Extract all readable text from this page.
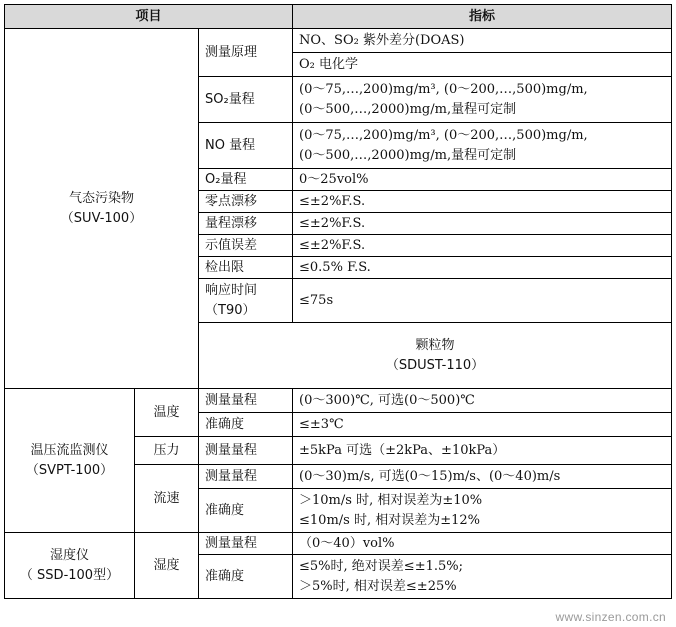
项目			指标	

气态污染物
（SUV-100）		测量原理	NO、SO₂ 紫外差分(DOAS)	
			O₂ 电化学	
		SO₂量程	(0～75,…,200)mg/m³, (0～200,…,500)mg/m,
(0～500,…,2000)mg/m,量程可定制	

		NO 量程	(0～75,…,200)mg/m³, (0～200,…,500)mg/m,
(0～500,…,2000)mg/m,量程可定制	

		O₂量程	0～25vol%	
		零点漂移	≤±2%F.S.	
		量程漂移	≤±2%F.S.	
		示值误差	≤±2%F.S.	
		检出限	≤0.5% F.S.	

		响应时间
（T90）	≤75s	

		颗粒物
（SDUST-110）

温压流监测仪
（SVPT-100）	温度	测量量程	(0～300)℃, 可选(0～500)℃	
		准确度	≤±3℃	
	压力	测量量程	±5kPa 可选（±2kPa、±10kPa）	
	流速	测量量程	(0～30)m/s, 可选(0～15)m/s、(0～40)m/s	
		准确度	＞10m/s 时, 相对误差为±10%
≤10m/s 时, 相对误差为±12%	

湿度仪
（ SSD-100型）	湿度	测量量程	（0～40）vol%	
		准确度	≤5%时, 绝对误差≤±1.5%;
＞5%时, 相对误差≤±25%	
www.sinzen.com.cn
